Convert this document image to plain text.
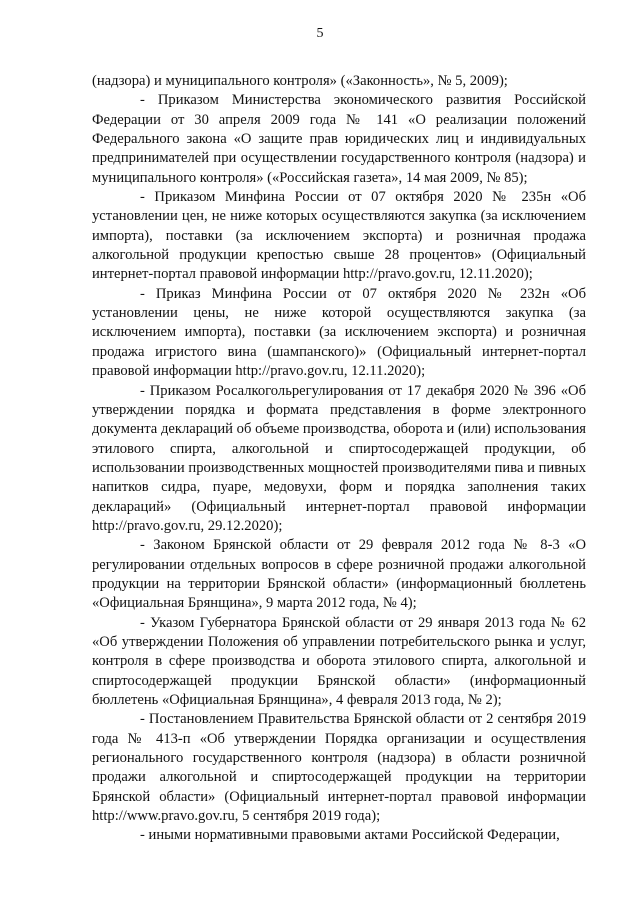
5

(надзора) и муниципального контроля» («Законность», № 5, 2009);

- Приказом Министерства экономического развития Российской Федерации от 30 апреля 2009 года № 141 «О реализации положений Федерального закона «О защите прав юридических лиц и индивидуальных предпринимателей при осуществлении государственного контроля (надзора) и муниципального контроля» («Российская газета», 14 мая 2009, № 85);

- Приказом Минфина России от 07 октября 2020 № 235н «Об установлении цен, не ниже которых осуществляются закупка (за исключением импорта), поставки (за исключением экспорта) и розничная продажа алкогольной продукции крепостью свыше 28 процентов» (Официальный интернет-портал правовой информации http://pravo.gov.ru, 12.11.2020);

- Приказ Минфина России от 07 октября 2020 № 232н «Об установлении цены, не ниже которой осуществляются закупка (за исключением импорта), поставки (за исключением экспорта) и розничная продажа игристого вина (шампанского)» (Официальный интернет-портал правовой информации http://pravo.gov.ru, 12.11.2020);

- Приказом Росалкогольрегулирования от 17 декабря 2020 № 396 «Об утверждении порядка и формата представления в форме электронного документа деклараций об объеме производства, оборота и (или) использования этилового спирта, алкогольной и спиртосодержащей продукции, об использовании производственных мощностей производителями пива и пивных напитков сидра, пуаре, медовухи, форм и порядка заполнения таких деклараций» (Официальный интернет-портал правовой информации http://pravo.gov.ru, 29.12.2020);

- Законом Брянской области от 29 февраля 2012 года № 8-3 «О регулировании отдельных вопросов в сфере розничной продажи алкогольной продукции на территории Брянской области» (информационный бюллетень «Официальная Брянщина», 9 марта 2012 года, № 4);

- Указом Губернатора Брянской области от 29 января 2013 года № 62 «Об утверждении Положения об управлении потребительского рынка и услуг, контроля в сфере производства и оборота этилового спирта, алкогольной и спиртосодержащей продукции Брянской области» (информационный бюллетень «Официальная Брянщина», 4 февраля 2013 года, № 2);

- Постановлением Правительства Брянской области от 2 сентября 2019 года № 413-п «Об утверждении Порядка организации и осуществления регионального государственного контроля (надзора) в области розничной продажи алкогольной и спиртосодержащей продукции на территории Брянской области» (Официальный интернет-портал правовой информации http://www.pravo.gov.ru, 5 сентября 2019 года);

- иными нормативными правовыми актами Российской Федерации,
